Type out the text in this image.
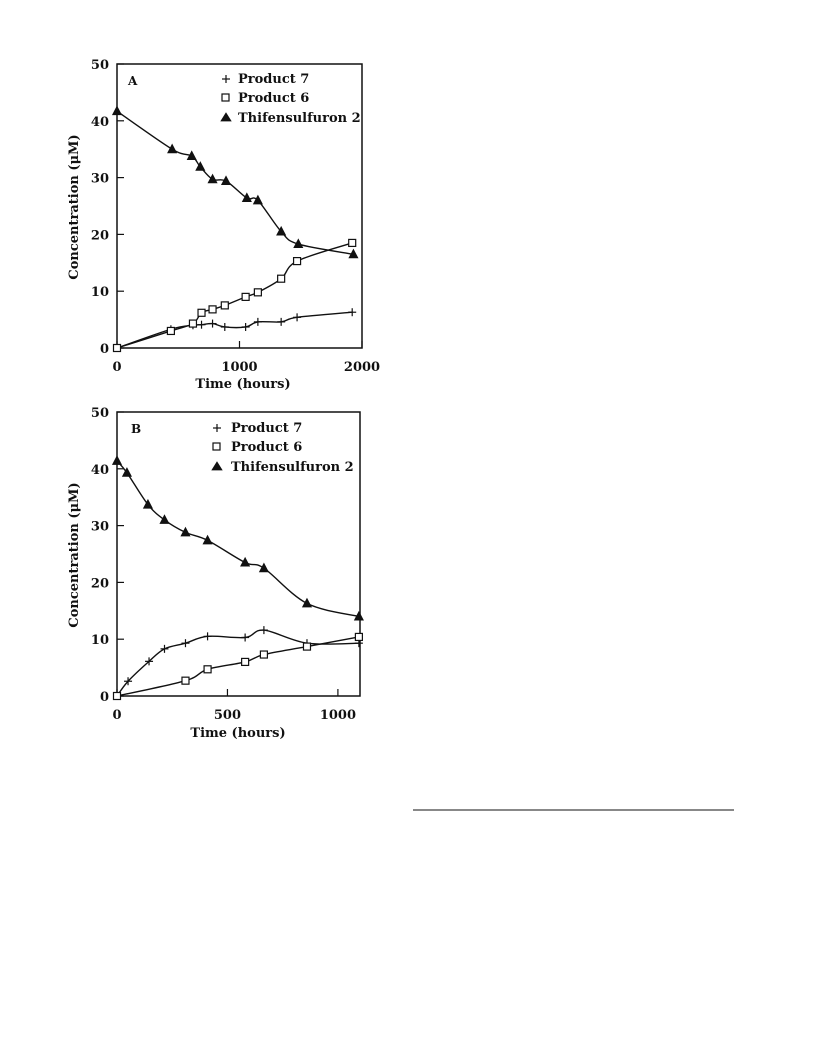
A
Time (hours)
Concentration (μM)
Product 7
Product 6
Thifensulfuron 2
B
Time (hours)
Concentration (μM)
Product 7
Product 6
Thifensulfuron 2
0
10
20
30
40
50
0	1000	2000
0
10
20
30
40
50
0	500	1000
